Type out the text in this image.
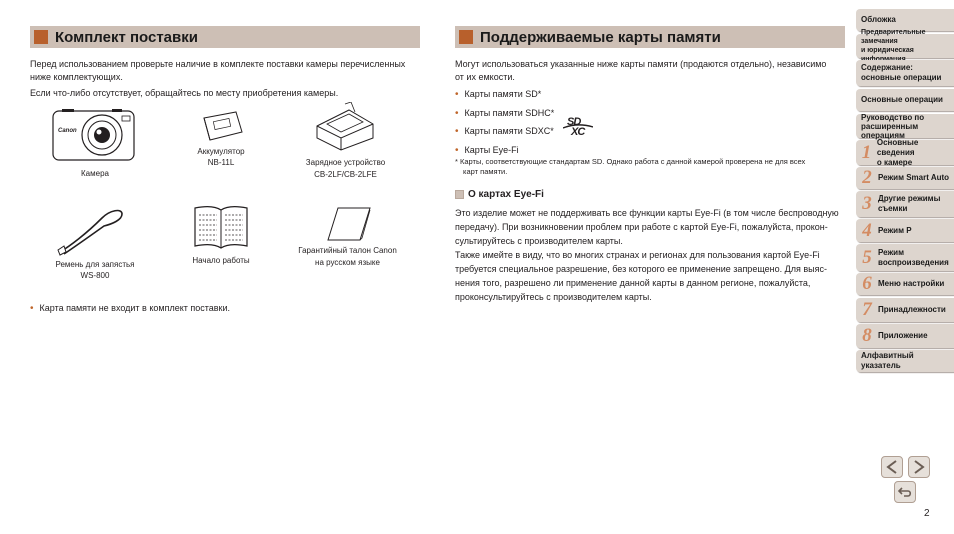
Комплект поставки
Перед использованием проверьте наличие в комплекте поставки камеры перечисленных
ниже комплектующих.
Если что-либо отсутствует, обращайтесь по месту приобретения камеры.
Canon
Камера
Аккумулятор
NB-11L	Зарядное устройство
CB-2LF/CB-2LFE
Ремень для запястья
WS-800
Начало работы
Гарантийный талон Canon
на русском языке
• Карта памяти не входит в комплект поставки.
Поддерживаемые карты памяти
Могут использоваться указанные ниже карты памяти (продаются отдельно), независимо
от их емкости.
• Карты памяти SD*
• Карты памяти SDHC*
• Карты памяти SDXC*
SD
XC
• Карты Eye-Fi
* Карты, соответствующие стандартам SD. Однако работа с данной камерой проверена не для всех
карт памяти.
О картах Eye-Fi
Это изделие может не поддерживать все функции карты Eye-Fi (в том числе беспроводную
передачу). При возникновении проблем при работе с картой Eye-Fi, пожалуйста, прокон-
сультируйтесь с производителем карты.
Также имейте в виду, что во многих странах и регионах для пользования картой Eye-Fi
требуется специальное разрешение, без которого ее применение запрещено. Для выяс-
нения того, разрешено ли применение данной карты в данном регионе, пожалуйста,
проконсультируйтесь с производителем карты.
Обложка
Предварительные замечания
и юридическая
Содержание:
основные операции
Основные операции
Руководство по
расширенным операциям
1 Основные сведения
о камере
2 Режим Smart Auto
3 Другие режимы
съемки
4 Режим P
5 Режим
воспроизведения
6 Меню настройки
7 Принадлежности
8 Приложение
Алфавитный указатель
2
